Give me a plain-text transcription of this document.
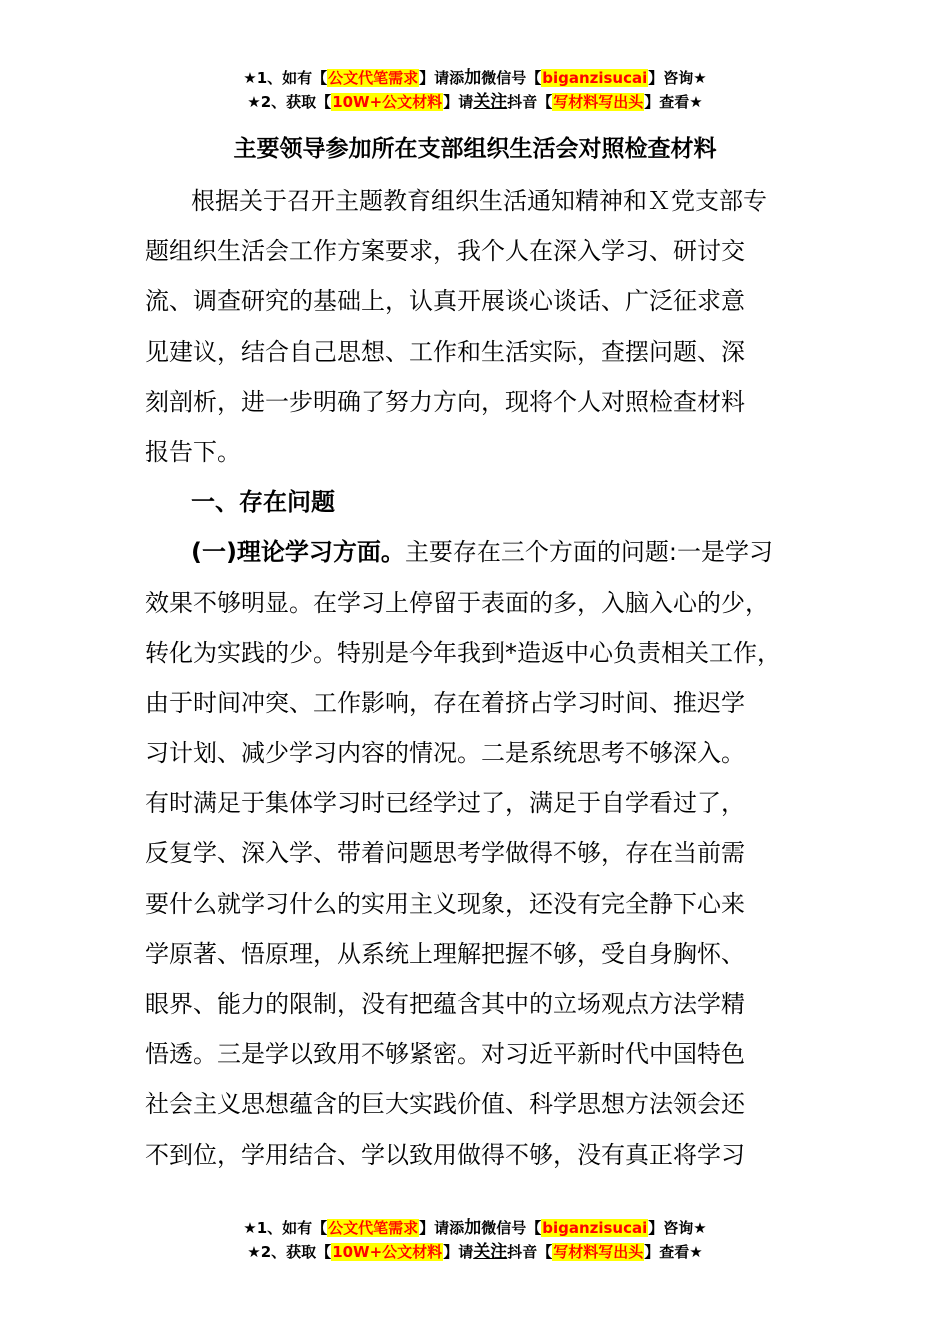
★1、如有【公文代笔需求】请添加微信号【biganzisucai】咨询★
★2、获取【10W+公文材料】请关注抖音【写材料写出头】查看★
主要领导参加所在支部组织生活会对照检查材料
根据关于召开主题教育组织生活通知精神和Ｘ党支部专
题组织生活会工作方案要求，我个人在深入学习、研讨交
流、调查研究的基础上，认真开展谈心谈话、广泛征求意
见建议，结合自己思想、工作和生活实际，查摆问题、深
刻剖析，进一步明确了努力方向，现将个人对照检查材料
报告下。
一、存在问题
(一)理论学习方面。主要存在三个方面的问题:一是学习
效果不够明显。在学习上停留于表面的多，入脑入心的少，
转化为实践的少。特别是今年我到*造返中心负责相关工作，
由于时间冲突、工作影响，存在着挤占学习时间、推迟学
习计划、减少学习内容的情况。二是系统思考不够深入。
有时满足于集体学习时已经学过了，满足于自学看过了，
反复学、深入学、带着问题思考学做得不够，存在当前需
要什么就学习什么的实用主义现象，还没有完全静下心来
学原著、悟原理，从系统上理解把握不够，受自身胸怀、
眼界、能力的限制，没有把蕴含其中的立场观点方法学精
悟透。三是学以致用不够紧密。对习近平新时代中国特色
社会主义思想蕴含的巨大实践价值、科学思想方法领会还
不到位，学用结合、学以致用做得不够，没有真正将学习
★1、如有【公文代笔需求】请添加微信号【biganzisucai】咨询★
★2、获取【10W+公文材料】请关注抖音【写材料写出头】查看★
